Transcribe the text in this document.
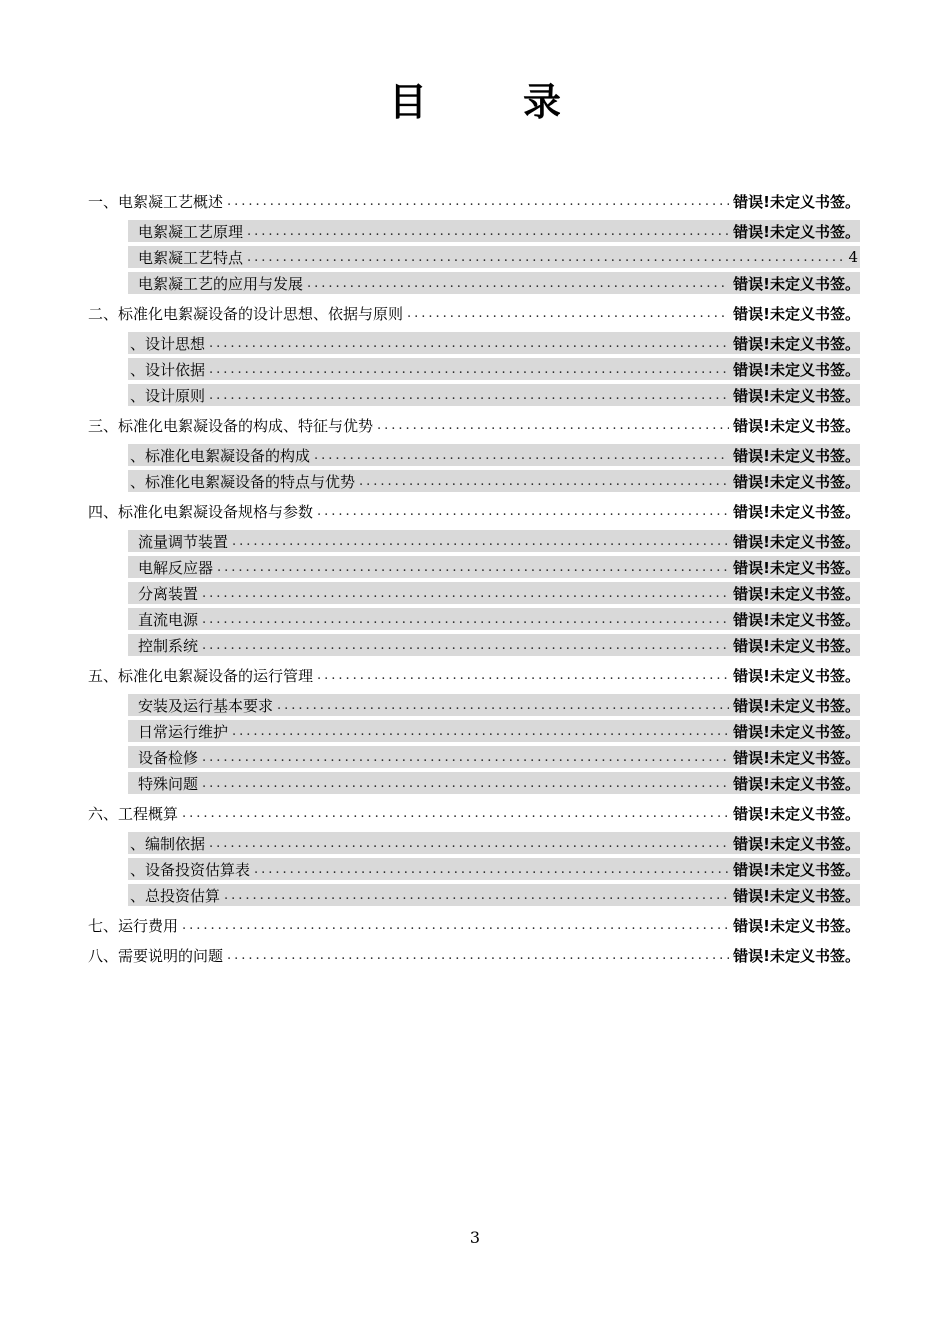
目	录
一、电絮凝工艺概述 .....	错误!未定义书签。
电絮凝工艺原理 .....	错误!未定义书签。
电絮凝工艺特点 .....	4
电絮凝工艺的应用与发展 .....	错误!未定义书签。
二、标准化电絮凝设备的设计思想、依据与原则 .....	错误!未定义书签。
、设计思想 .....	错误!未定义书签。
、设计依据 .....	错误!未定义书签。
、设计原则 .....	错误!未定义书签。
三、标准化电絮凝设备的构成、特征与优势 .....	错误!未定义书签。
、标准化电絮凝设备的构成 .....	错误!未定义书签。
、标准化电絮凝设备的特点与优势 .....	错误!未定义书签。
四、标准化电絮凝设备规格与参数 .....	错误!未定义书签。
流量调节装置 .....	错误!未定义书签。
电解反应器 .....	错误!未定义书签。
分离装置 .....	错误!未定义书签。
直流电源 .....	错误!未定义书签。
控制系统 .....	错误!未定义书签。
五、标准化电絮凝设备的运行管理 .....	错误!未定义书签。
安装及运行基本要求 .....	错误!未定义书签。
日常运行维护 .....	错误!未定义书签。
设备检修 .....	错误!未定义书签。
特殊问题 .....	错误!未定义书签。
六、工程概算 .....	错误!未定义书签。
、编制依据 .....	错误!未定义书签。
、设备投资估算表 .....	错误!未定义书签。
、总投资估算 .....	错误!未定义书签。
七、运行费用 .....	错误!未定义书签。
八、需要说明的问题 .....	错误!未定义书签。
3
